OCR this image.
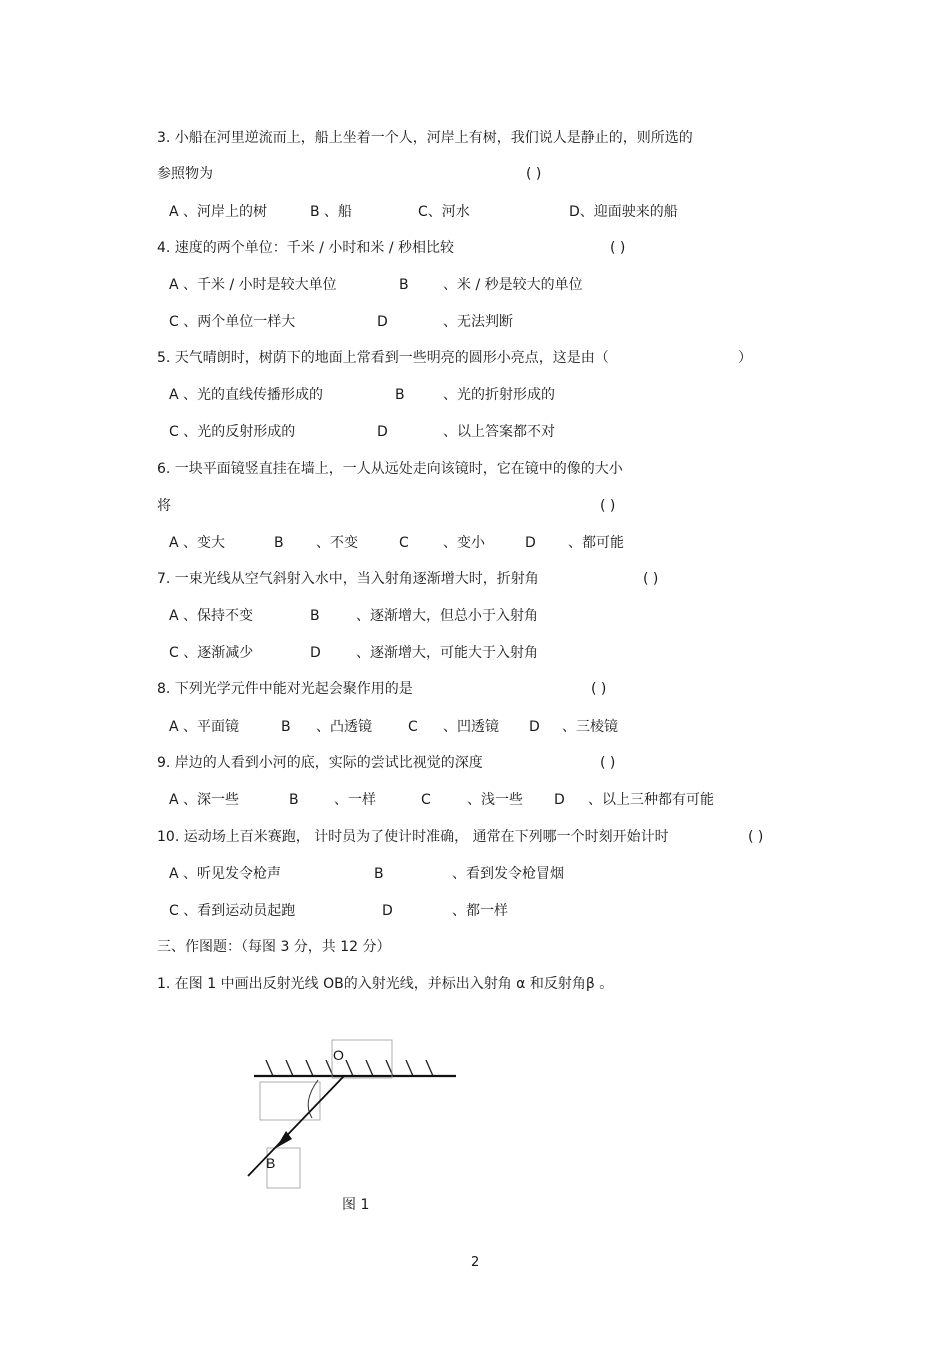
3. 小船在河里逆流而上，船上坐着一个人，河岸上有树，我们说人是静止的，则所选的
参照物为	( )
A 、河岸上的树	B 、船	C、河水	D、迎面驶来的船
4. 速度的两个单位：千米 / 小时和米 / 秒相比较	( )
A 、千米 / 小时是较大单位	B 、米 / 秒是较大的单位
C 、两个单位一样大	D	、无法判断
5. 天气晴朗时，树荫下的地面上常看到一些明亮的圆形小亮点，这是由（	）
A 、光的直线传播形成的	B	、光的折射形成的
C 、光的反射形成的	D	、以上答案都不对
6. 一块平面镜竖直挂在墙上，一人从远处走向该镜时，它在镜中的像的大小
将	( )
A 、变大	B 、不变	C 、变小	D 、都可能
7. 一束光线从空气斜射入水中，当入射角逐渐增大时，折射角	( )
A 、保持不变	B	、逐渐增大，但总小于入射角
C 、逐渐减少	D	、逐渐增大，可能大于入射角
8. 下列光学元件中能对光起会聚作用的是	( )
A 、平面镜	B 、凸透镜	C 、凹透镜 D 、三棱镜
9. 岸边的人看到小河的底，实际的尝试比视觉的深度	( )
A 、深一些	B	、一样	C	、浅一些 D 、以上三种都有可能
10. 运动场上百米赛跑， 计时员为了使计时准确， 通常在下列哪一个时刻开始计时	( )
A 、听见发令枪声	B	、看到发令枪冒烟
C 、看到运动员起跑	D	、都一样
三、作图题：（每图 3 分，共 12 分）
1. 在图 1 中画出反射光线 OB的入射光线，并标出入射角 α 和反射角β 。
O
B
图 1
2
